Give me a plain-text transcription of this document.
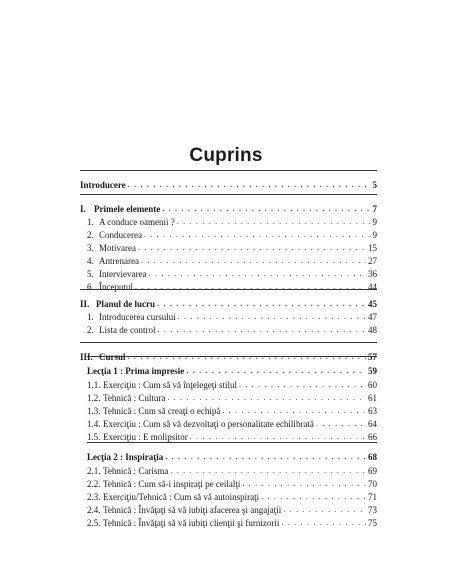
Cuprins
Introducere . . .	5
I. Primele elemente . . .	7
1. A conduce oamenii ? . . .	9
2. Conducerea . . .	9
3. Motivarea . . .	15
4. Antrenarea . . .	27
5. Intervievarea . . .	36
6. Începutul . . .	44
II. Planul de lucru . . .	45
1. Introducerea cursului . . .	47
2. Lista de control . . .	48
III. Cursul . . .	57
Lecţia 1 : Prima impresie . . .	59
1.1. Exerciţiu : Cum să vă înţelegeţi stilul . . .	60
1.2. Tehnică : Cultura . . .	61
1.3. Tehnică : Cum să creaţi o echipă . . .	63
1.4. Exerciţiu : Cum să vă dezvoltaţi o personalitate echilibrată . . .	64
1.5. Exerciţiu : E molipsitor . . .	66
Lecţia 2 : Inspiraţia . . .	68
2.1. Tehnică : Carisma . . .	69
2.2. Tehnică : Cum să-i inspiraţi pe ceilalţi . . .	70
2.3. Exerciţiu/Tehnică : Cum să vă autoinspiraţi . . .	71
2.4. Tehnică : Învăţaţi să vă iubiţi afacerea şi angajaţii . . .	73
2.5. Tehnică : Învăţaţi să vă iubiţi clienţii şi furnizorii . . .	75
